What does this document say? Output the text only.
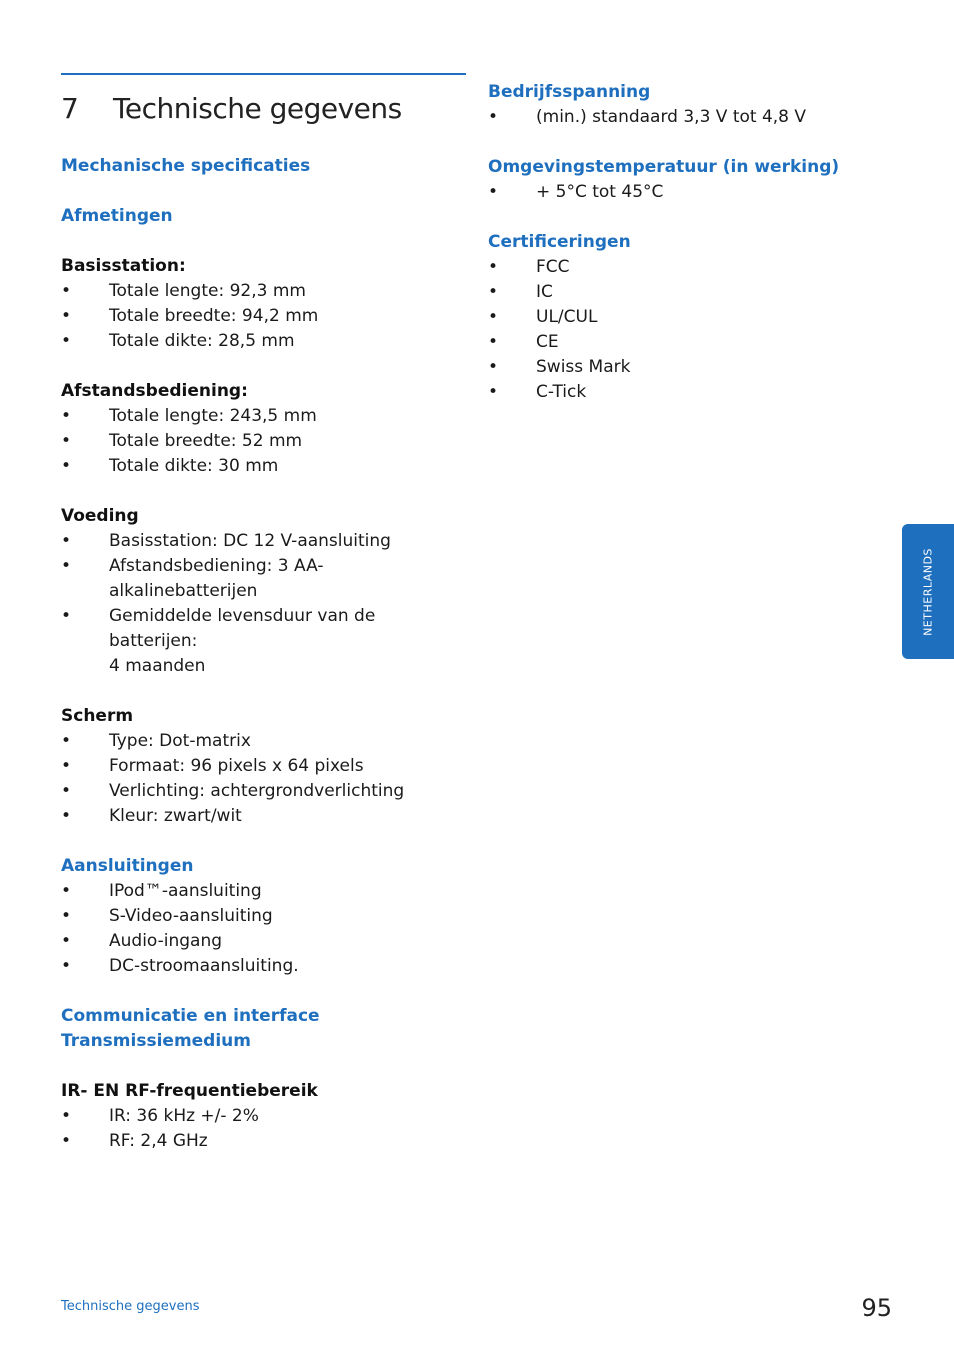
7 Technische gegevens
Mechanische specificaties
Afmetingen
Basisstation:
• Totale lengte: 92,3 mm
• Totale breedte: 94,2 mm
• Totale dikte: 28,5 mm
Afstandsbediening:
• Totale lengte: 243,5 mm
• Totale breedte: 52 mm
• Totale dikte: 30 mm
Voeding
• Basisstation: DC 12 V-aansluiting
• Afstandsbediening: 3 AA-alkalinebatterijen
• Gemiddelde levensduur van de batterijen:
4 maanden
Scherm
• Type: Dot-matrix
• Formaat: 96 pixels x 64 pixels
• Verlichting: achtergrondverlichting
• Kleur: zwart/wit
Aansluitingen
• IPod™-aansluiting
• S-Video-aansluiting
• Audio-ingang
• DC-stroomaansluiting.
Communicatie en interface
Transmissiemedium
IR- EN RF-frequentiebereik
• IR: 36 kHz +/- 2%
• RF: 2,4 GHz
Bedrijfsspanning
• (min.) standaard 3,3 V tot 4,8 V
Omgevingstemperatuur (in werking)
• + 5°C tot 45°C
Certificeringen
• FCC
• IC
• UL/CUL
• CE
• Swiss Mark
• C-Tick
NETHERLANDS
Technische gegevens	95
